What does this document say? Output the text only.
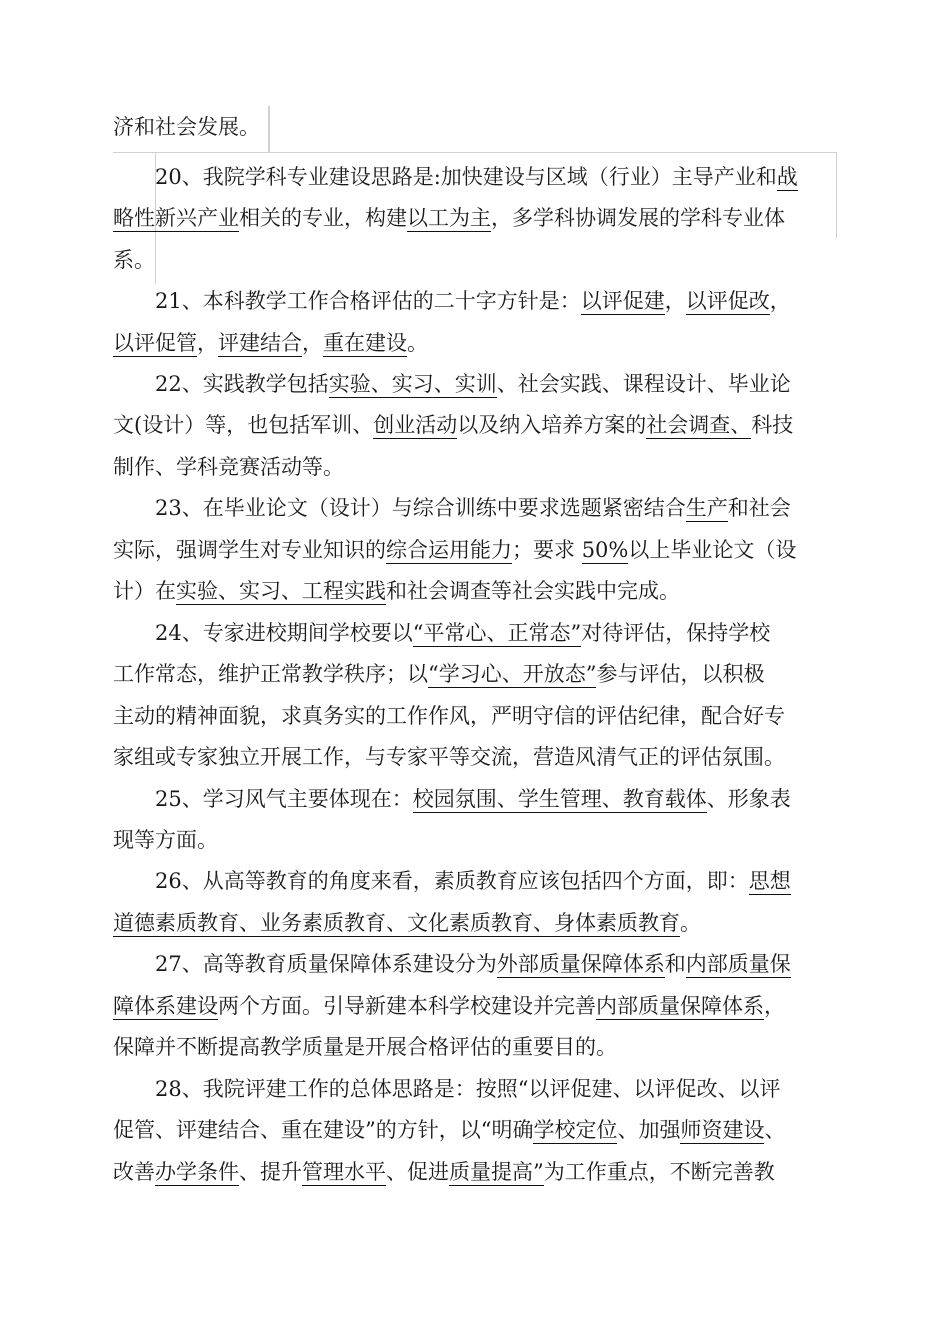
济和社会发展。
20、我院学科专业建设思路是:加快建设与区域（行业）主导产业和战
略性新兴产业相关的专业，构建以工为主，多学科协调发展的学科专业体
系。
21、本科教学工作合格评估的二十字方针是：以评促建，以评促改，
以评促管，评建结合，重在建设。
22、实践教学包括实验、实习、实训、社会实践、课程设计、毕业论
文(设计）等，也包括军训、创业活动以及纳入培养方案的社会调查、科技
制作、学科竞赛活动等。
23、在毕业论文（设计）与综合训练中要求选题紧密结合生产和社会
实际，强调学生对专业知识的综合运用能力；要求 50%以上毕业论文（设
计）在实验、实习、工程实践和社会调查等社会实践中完成。
24、专家进校期间学校要以“平常心、正常态”对待评估，保持学校
工作常态，维护正常教学秩序；以“学习心、开放态”参与评估，以积极
主动的精神面貌，求真务实的工作作风，严明守信的评估纪律，配合好专
家组或专家独立开展工作，与专家平等交流，营造风清气正的评估氛围。
25、学习风气主要体现在：校园氛围、学生管理、教育载体、形象表
现等方面。
26、从高等教育的角度来看，素质教育应该包括四个方面，即：思想
道德素质教育、业务素质教育、文化素质教育、身体素质教育。
27、高等教育质量保障体系建设分为外部质量保障体系和内部质量保
障体系建设两个方面。引导新建本科学校建设并完善内部质量保障体系，
保障并不断提高教学质量是开展合格评估的重要目的。
28、我院评建工作的总体思路是：按照“以评促建、以评促改、以评
促管、评建结合、重在建设”的方针，以“明确学校定位、加强师资建设、
改善办学条件、提升管理水平、促进质量提高”为工作重点，不断完善教
